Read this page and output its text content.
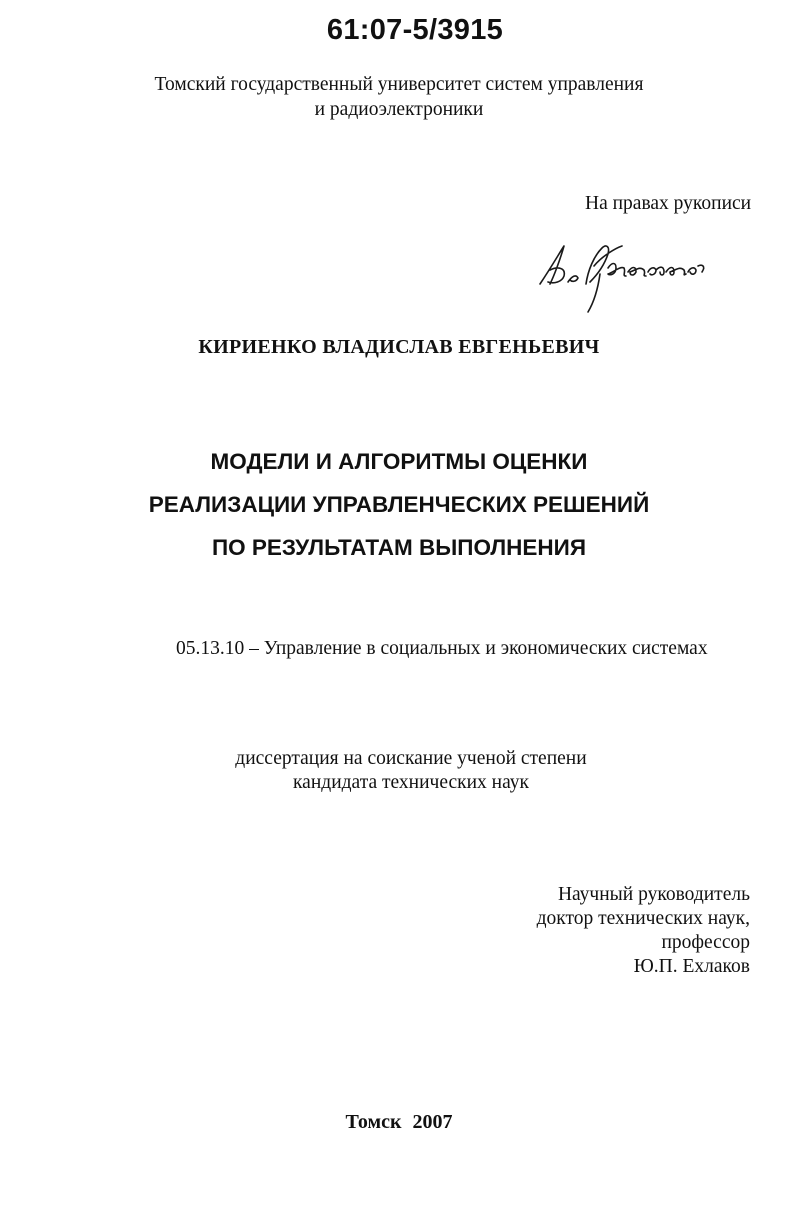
61:07-5/3915
Томский государственный университет систем управления
и радиоэлектроники
На правах рукописи
КИРИЕНКО ВЛАДИСЛАВ ЕВГЕНЬЕВИЧ
МОДЕЛИ И АЛГОРИТМЫ ОЦЕНКИ
РЕАЛИЗАЦИИ УПРАВЛЕНЧЕСКИХ РЕШЕНИЙ
ПО РЕЗУЛЬТАТАМ ВЫПОЛНЕНИЯ
05.13.10 – Управление в социальных и экономических системах
диссертация на соискание ученой степени
кандидата технических наук
Научный руководитель
доктор технических наук,
профессор
Ю.П. Ехлаков
Томск 2007
